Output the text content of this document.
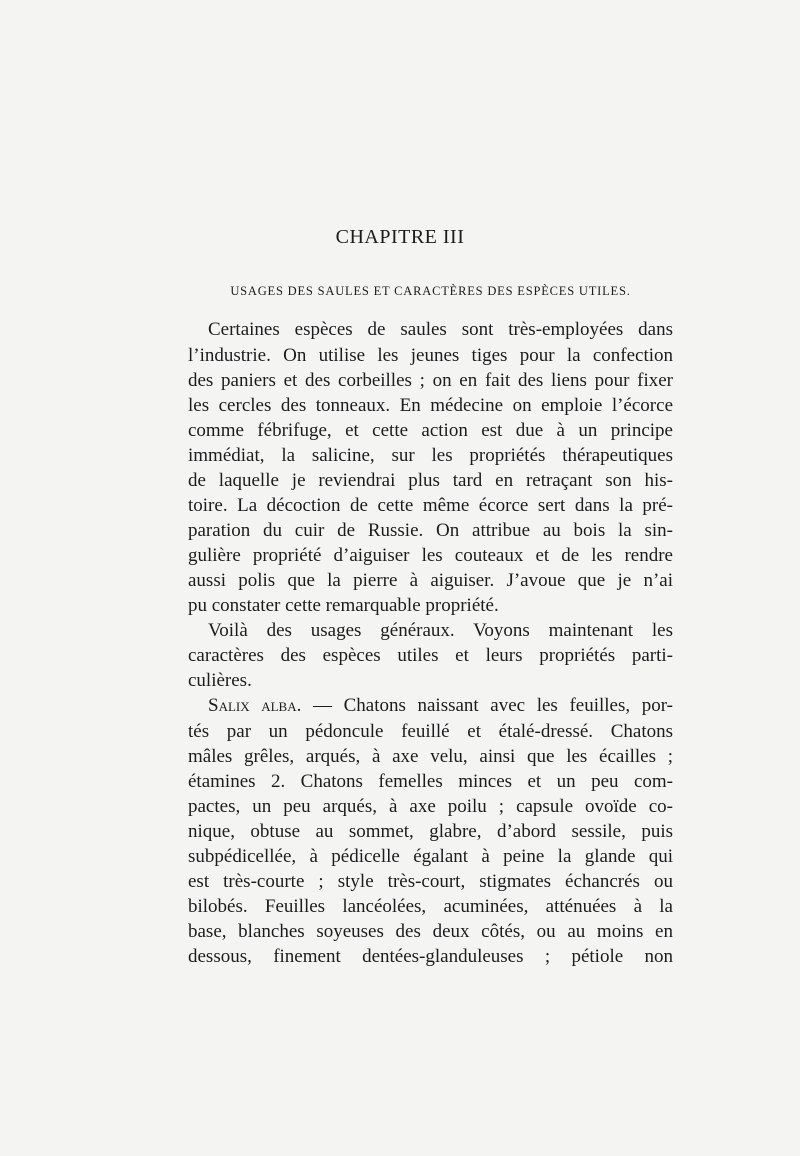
CHAPITRE III
USAGES DES SAULES ET CARACTÈRES DES ESPÈCES UTILES.
Certaines espèces de saules sont très-employées dans
l’industrie. On utilise les jeunes tiges pour la confection
des paniers et des corbeilles ; on en fait des liens pour fixer
les cercles des tonneaux. En médecine on emploie l’écorce
comme fébrifuge, et cette action est due à un principe
immédiat, la salicine, sur les propriétés thérapeutiques
de laquelle je reviendrai plus tard en retraçant son his-
toire. La décoction de cette même écorce sert dans la pré-
paration du cuir de Russie. On attribue au bois la sin-
gulière propriété d’aiguiser les couteaux et de les rendre
aussi polis que la pierre à aiguiser. J’avoue que je n’ai
pu constater cette remarquable propriété.
Voilà des usages généraux. Voyons maintenant les
caractères des espèces utiles et leurs propriétés parti-
culières.
Salix alba. — Chatons naissant avec les feuilles, por-
tés par un pédoncule feuillé et étalé-dressé. Chatons
mâles grêles, arqués, à axe velu, ainsi que les écailles ;
étamines 2. Chatons femelles minces et un peu com-
pactes, un peu arqués, à axe poilu ; capsule ovoïde co-
nique, obtuse au sommet, glabre, d’abord sessile, puis
subpédicellée, à pédicelle égalant à peine la glande qui
est très-courte ; style très-court, stigmates échancrés ou
bilobés. Feuilles lancéolées, acuminées, atténuées à la
base, blanches soyeuses des deux côtés, ou au moins en
dessous, finement dentées-glanduleuses ; pétiole non
